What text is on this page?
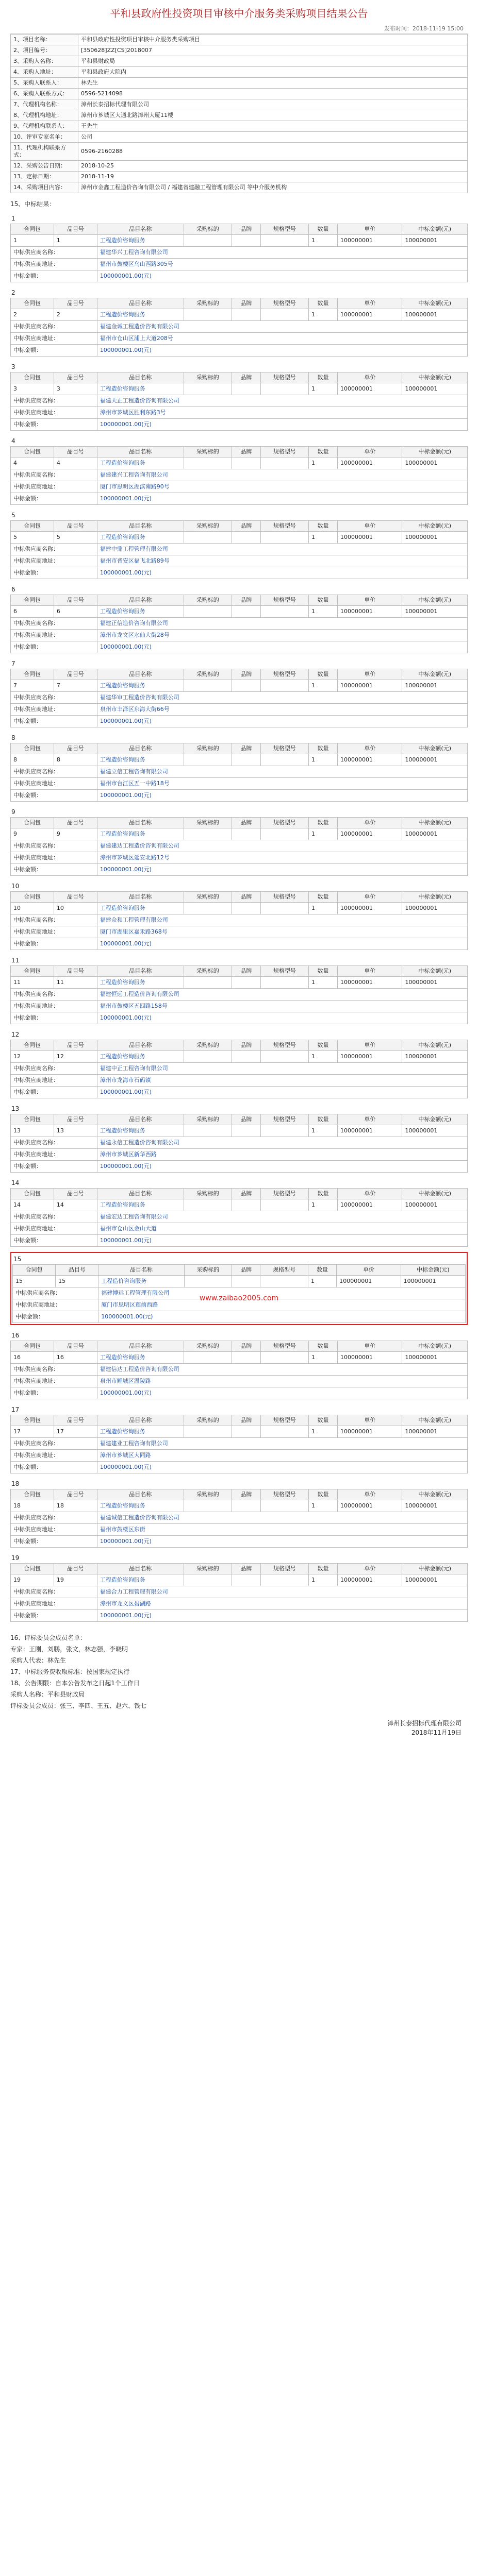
平和县政府性投资项目审核中介服务类采购项目结果公告
发布时间：2018-11-19 15:00
1、项目名称：	平和县政府性投资项目审核中介服务类采购项目
2、项目编号：	[350628]ZZ[CS]2018007
3、采购人名称：	平和县财政局
4、采购人地址：	平和县政府大院内
5、采购人联系人：	林先生
6、采购人联系方式：	0596-5214098
7、代理机构名称：	漳州长泰招标代理有限公司
8、代理机构地址：	漳州市芗城区大通北路漳州大厦11楼
9、代理机构联系人：	王先生
10、评审专家名单：	公司
11、代理机构联系方式：	0596-2160288
12、采购公告日期：	2018-10-25
13、定标日期：	2018-11-19
14、采购项目内容：	漳州市金鑫工程造价咨询有限公司 / 福建省建融工程管理有限公司 等中介服务机构
15、中标结果：
1
合同包	品目号	品目名称	采购标的	品牌	规格型号	数量	单价	中标金额(元)
1	1	工程造价咨询服务				1	100000001	100000001
中标供应商名称：		福建华兴工程咨询有限公司						
中标供应商地址：		福州市鼓楼区乌山西路305号						
中标金额：		100000001.00(元)						
2
合同包	品目号	品目名称	采购标的	品牌	规格型号	数量	单价	中标金额(元)
2	2	工程造价咨询服务				1	100000001	100000001
中标供应商名称：		福建金诚工程造价咨询有限公司						
中标供应商地址：		福州市仓山区浦上大道208号						
中标金额：		100000001.00(元)						
3
合同包	品目号	品目名称	采购标的	品牌	规格型号	数量	单价	中标金额(元)
3	3	工程造价咨询服务				1	100000001	100000001
中标供应商名称：		福建天正工程造价咨询有限公司						
中标供应商地址：		漳州市芗城区胜利东路3号						
中标金额：		100000001.00(元)						
4
合同包	品目号	品目名称	采购标的	品牌	规格型号	数量	单价	中标金额(元)
4	4	工程造价咨询服务				1	100000001	100000001
中标供应商名称：		福建建兴工程咨询有限公司						
中标供应商地址：		厦门市思明区湖滨南路90号						
中标金额：		100000001.00(元)						
5
合同包	品目号	品目名称	采购标的	品牌	规格型号	数量	单价	中标金额(元)
5	5	工程造价咨询服务				1	100000001	100000001
中标供应商名称：		福建中鼎工程管理有限公司						
中标供应商地址：		福州市晋安区福飞北路89号						
中标金额：		100000001.00(元)						
6
合同包	品目号	品目名称	采购标的	品牌	规格型号	数量	单价	中标金额(元)
6	6	工程造价咨询服务				1	100000001	100000001
中标供应商名称：		福建正信造价咨询有限公司						
中标供应商地址：		漳州市龙文区水仙大街28号						
中标金额：		100000001.00(元)						
7
合同包	品目号	品目名称	采购标的	品牌	规格型号	数量	单价	中标金额(元)
7	7	工程造价咨询服务				1	100000001	100000001
中标供应商名称：		福建华审工程造价咨询有限公司						
中标供应商地址：		泉州市丰泽区东海大街66号						
中标金额：		100000001.00(元)						
8
合同包	品目号	品目名称	采购标的	品牌	规格型号	数量	单价	中标金额(元)
8	8	工程造价咨询服务				1	100000001	100000001
中标供应商名称：		福建立信工程咨询有限公司						
中标供应商地址：		福州市台江区五一中路18号						
中标金额：		100000001.00(元)						
9
合同包	品目号	品目名称	采购标的	品牌	规格型号	数量	单价	中标金额(元)
9	9	工程造价咨询服务				1	100000001	100000001
中标供应商名称：		福建建达工程造价咨询有限公司						
中标供应商地址：		漳州市芗城区延安北路12号						
中标金额：		100000001.00(元)						
10
合同包	品目号	品目名称	采购标的	品牌	规格型号	数量	单价	中标金额(元)
10	10	工程造价咨询服务				1	100000001	100000001
中标供应商名称：		福建众和工程管理有限公司						
中标供应商地址：		厦门市湖里区嘉禾路368号						
中标金额：		100000001.00(元)						
11
合同包	品目号	品目名称	采购标的	品牌	规格型号	数量	单价	中标金额(元)
11	11	工程造价咨询服务				1	100000001	100000001
中标供应商名称：		福建恒远工程造价咨询有限公司						
中标供应商地址：		福州市鼓楼区五四路158号						
中标金额：		100000001.00(元)						
12
合同包	品目号	品目名称	采购标的	品牌	规格型号	数量	单价	中标金额(元)
12	12	工程造价咨询服务				1	100000001	100000001
中标供应商名称：		福建中正工程咨询有限公司						
中标供应商地址：		漳州市龙海市石码镇						
中标金额：		100000001.00(元)						
13
合同包	品目号	品目名称	采购标的	品牌	规格型号	数量	单价	中标金额(元)
13	13	工程造价咨询服务				1	100000001	100000001
中标供应商名称：		福建永信工程造价咨询有限公司						
中标供应商地址：		漳州市芗城区新华西路						
中标金额：		100000001.00(元)						
14
合同包	品目号	品目名称	采购标的	品牌	规格型号	数量	单价	中标金额(元)
14	14	工程造价咨询服务				1	100000001	100000001
中标供应商名称：		福建宏达工程咨询有限公司						
中标供应商地址：		福州市仓山区金山大道						
中标金额：		100000001.00(元)						
15
合同包	品目号	品目名称	采购标的	品牌	规格型号	数量	单价	中标金额(元)
15	15	工程造价咨询服务				1	100000001	100000001
中标供应商名称：		福建博远工程管理有限公司						
中标供应商地址：		厦门市思明区莲前西路						
中标金额：		100000001.00(元)						
www.zaibao2005.com
16
合同包	品目号	品目名称	采购标的	品牌	规格型号	数量	单价	中标金额(元)
16	16	工程造价咨询服务				1	100000001	100000001
中标供应商名称：		福建信达工程造价咨询有限公司						
中标供应商地址：		泉州市鲤城区温陵路						
中标金额：		100000001.00(元)						
17
合同包	品目号	品目名称	采购标的	品牌	规格型号	数量	单价	中标金额(元)
17	17	工程造价咨询服务				1	100000001	100000001
中标供应商名称：		福建建业工程咨询有限公司						
中标供应商地址：		漳州市芗城区大同路						
中标金额：		100000001.00(元)						
18
合同包	品目号	品目名称	采购标的	品牌	规格型号	数量	单价	中标金额(元)
18	18	工程造价咨询服务				1	100000001	100000001
中标供应商名称：		福建诚信工程造价咨询有限公司						
中标供应商地址：		福州市鼓楼区东街						
中标金额：		100000001.00(元)						
19
合同包	品目号	品目名称	采购标的	品牌	规格型号	数量	单价	中标金额(元)
19	19	工程造价咨询服务				1	100000001	100000001
中标供应商名称：		福建合力工程管理有限公司						
中标供应商地址：		漳州市龙文区碧湖路						
中标金额：		100000001.00(元)						
16、评标委员会成员名单：
专家：王刚，刘鹏，张文，林志强，李晓明
采购人代表：林先生
17、中标服务费收取标准：按国家规定执行
18、公告期限：自本公告发布之日起1个工作日
采购人名称：平和县财政局
评标委员会成员：张三、李四、王五、赵六、钱七
漳州长泰招标代理有限公司
2018年11月19日
